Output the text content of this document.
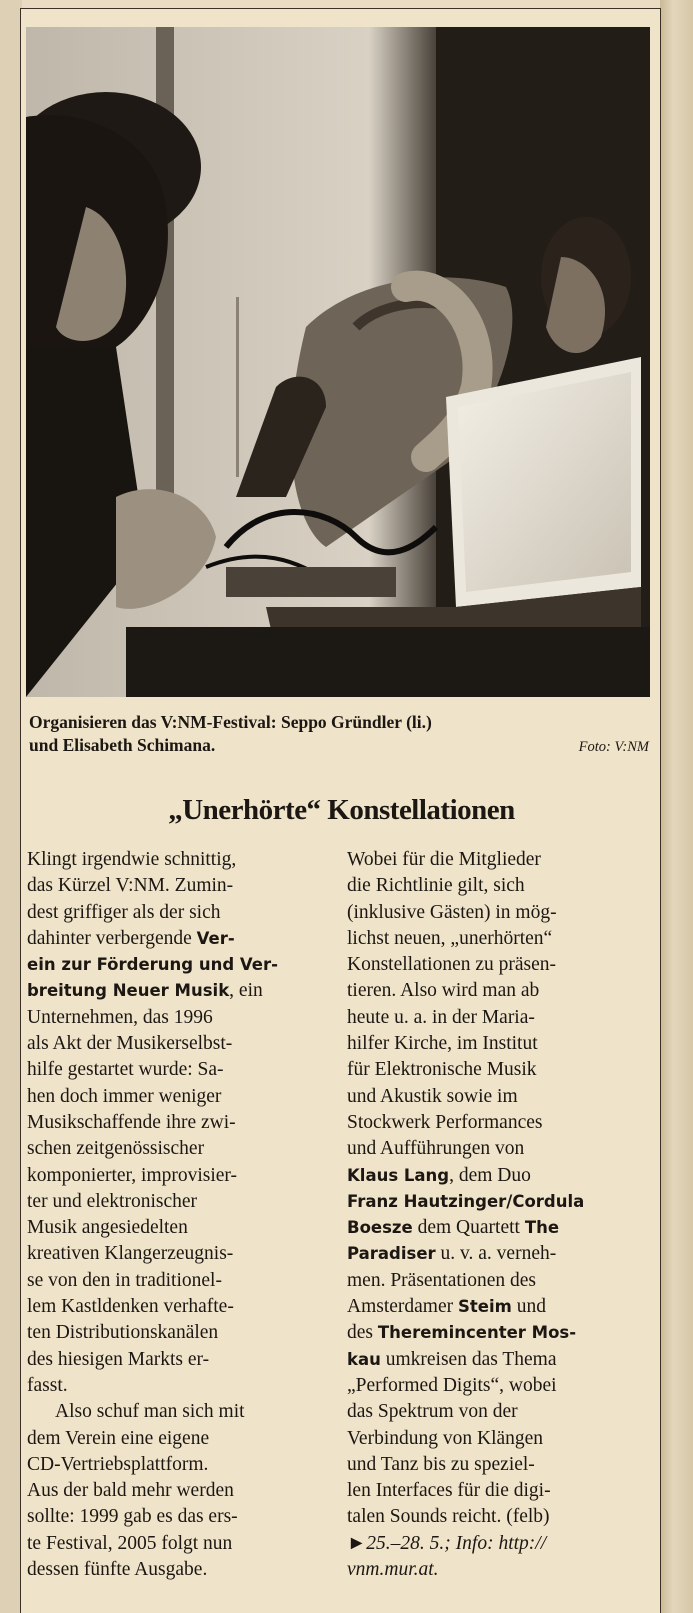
Organisieren das V:NM-Festival: Seppo Gründler (li.)
und Elisabeth Schimana.	Foto: V:NM
„Unerhörte“ Konstellationen
Klingt irgendwie schnittig,
das Kürzel V:NM. Zumin-
dest griffiger als der sich
dahinter verbergende Ver-
ein zur Förderung und Ver-
breitung Neuer Musik, ein
Unternehmen, das 1996
als Akt der Musikerselbst-
hilfe gestartet wurde: Sa-
hen doch immer weniger
Musikschaffende ihre zwi-
schen zeitgenössischer
komponierter, improvisier-
ter und elektronischer
Musik angesiedelten
kreativen Klangerzeugnis-
se von den in traditionel-
lem Kastldenken verhafte-
ten Distributionskanälen
des hiesigen Markts er-
fasst.
Also schuf man sich mit
dem Verein eine eigene
CD-Vertriebsplattform.
Aus der bald mehr werden
sollte: 1999 gab es das ers-
te Festival, 2005 folgt nun
dessen fünfte Ausgabe.
Wobei für die Mitglieder
die Richtlinie gilt, sich
(inklusive Gästen) in mög-
lichst neuen, „unerhörten“
Konstellationen zu präsen-
tieren. Also wird man ab
heute u. a. in der Maria-
hilfer Kirche, im Institut
für Elektronische Musik
und Akustik sowie im
Stockwerk Performances
und Aufführungen von
Klaus Lang, dem Duo
Franz Hautzinger/Cordula
Boesze dem Quartett The
Paradiser u. v. a. verneh-
men. Präsentationen des
Amsterdamer Steim und
des Theremincenter Mos-
kau umkreisen das Thema
„Performed Digits“, wobei
das Spektrum von der
Verbindung von Klängen
und Tanz bis zu speziel-
len Interfaces für die digi-
talen Sounds reicht. (felb)
►25.–28. 5.; Info: http://
vnm.mur.at.
